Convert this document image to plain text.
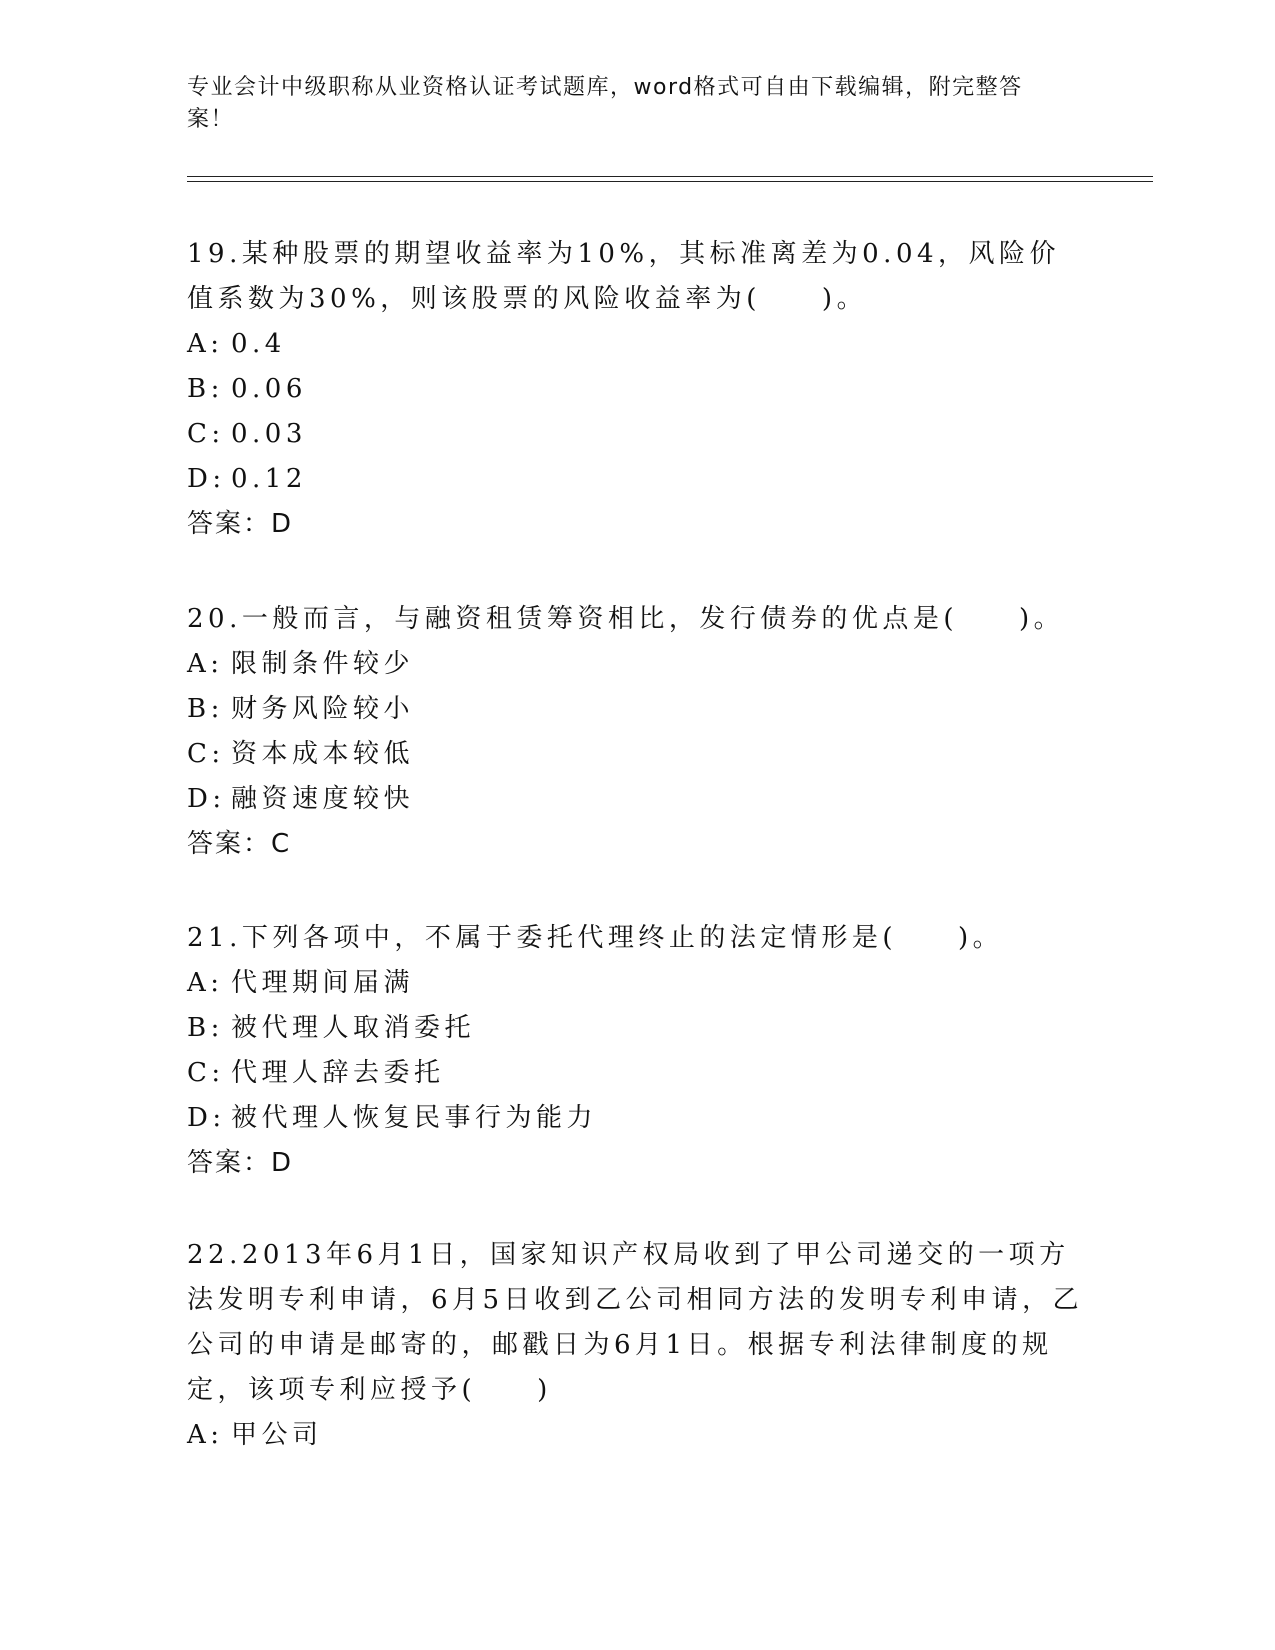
专业会计中级职称从业资格认证考试题库，word格式可自由下载编辑，附完整答案！

19.某种股票的期望收益率为10%，其标准离差为0.04，风险价值系数为30%，则该股票的风险收益率为(　　)。

A: 0.4

B: 0.06

C: 0.03

D: 0.12

答案：D

20.一般而言，与融资租赁筹资相比，发行债券的优点是(　　)。

A: 限制条件较少

B: 财务风险较小

C: 资本成本较低

D: 融资速度较快

答案：C

21.下列各项中，不属于委托代理终止的法定情形是(　　)。

A: 代理期间届满

B: 被代理人取消委托

C: 代理人辞去委托

D: 被代理人恢复民事行为能力

答案：D

22.2013年6月1日，国家知识产权局收到了甲公司递交的一项方法发明专利申请，6月5日收到乙公司相同方法的发明专利申请，乙公司的申请是邮寄的，邮戳日为6月1日。根据专利法律制度的规定，该项专利应授予(　　)

A: 甲公司
